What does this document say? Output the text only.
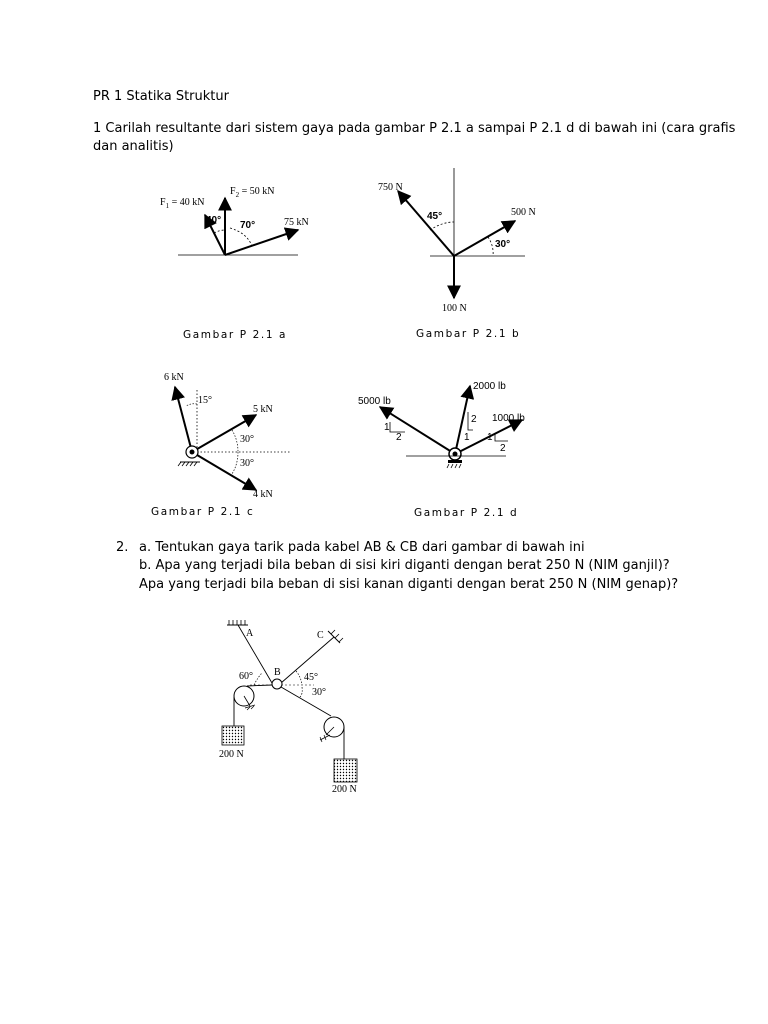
PR 1 Statika Struktur
1 Carilah resultante dari sistem gaya pada gambar P 2.1 a sampai P 2.1 d di bawah ini (cara grafis
dan analitis)
$F_1 = 40$ kN
$F_2 = 50$ kN
75 kN
40° 70°
Gambar P 2.1 a
750 N
500 N
100 N
45°
30°
Gambar P 2.1 b
6 kN
5 kN
4 kN
15°
30°
30°
Gambar P 2.1 c
5000 lb
2000 lb
1000 lb
1
2
2
1 1
2
Gambar P 2.1 d
2. a. Tentukan gaya tarik pada kabel AB & CB dari gambar di bawah ini
b. Apa yang terjadi bila beban di sisi kiri diganti dengan berat 250 N (NIM ganjil)?
Apa yang terjadi bila beban di sisi kanan diganti dengan berat 250 N (NIM genap)?
A
B
C
60°	45°
30°
200 N
200 N
